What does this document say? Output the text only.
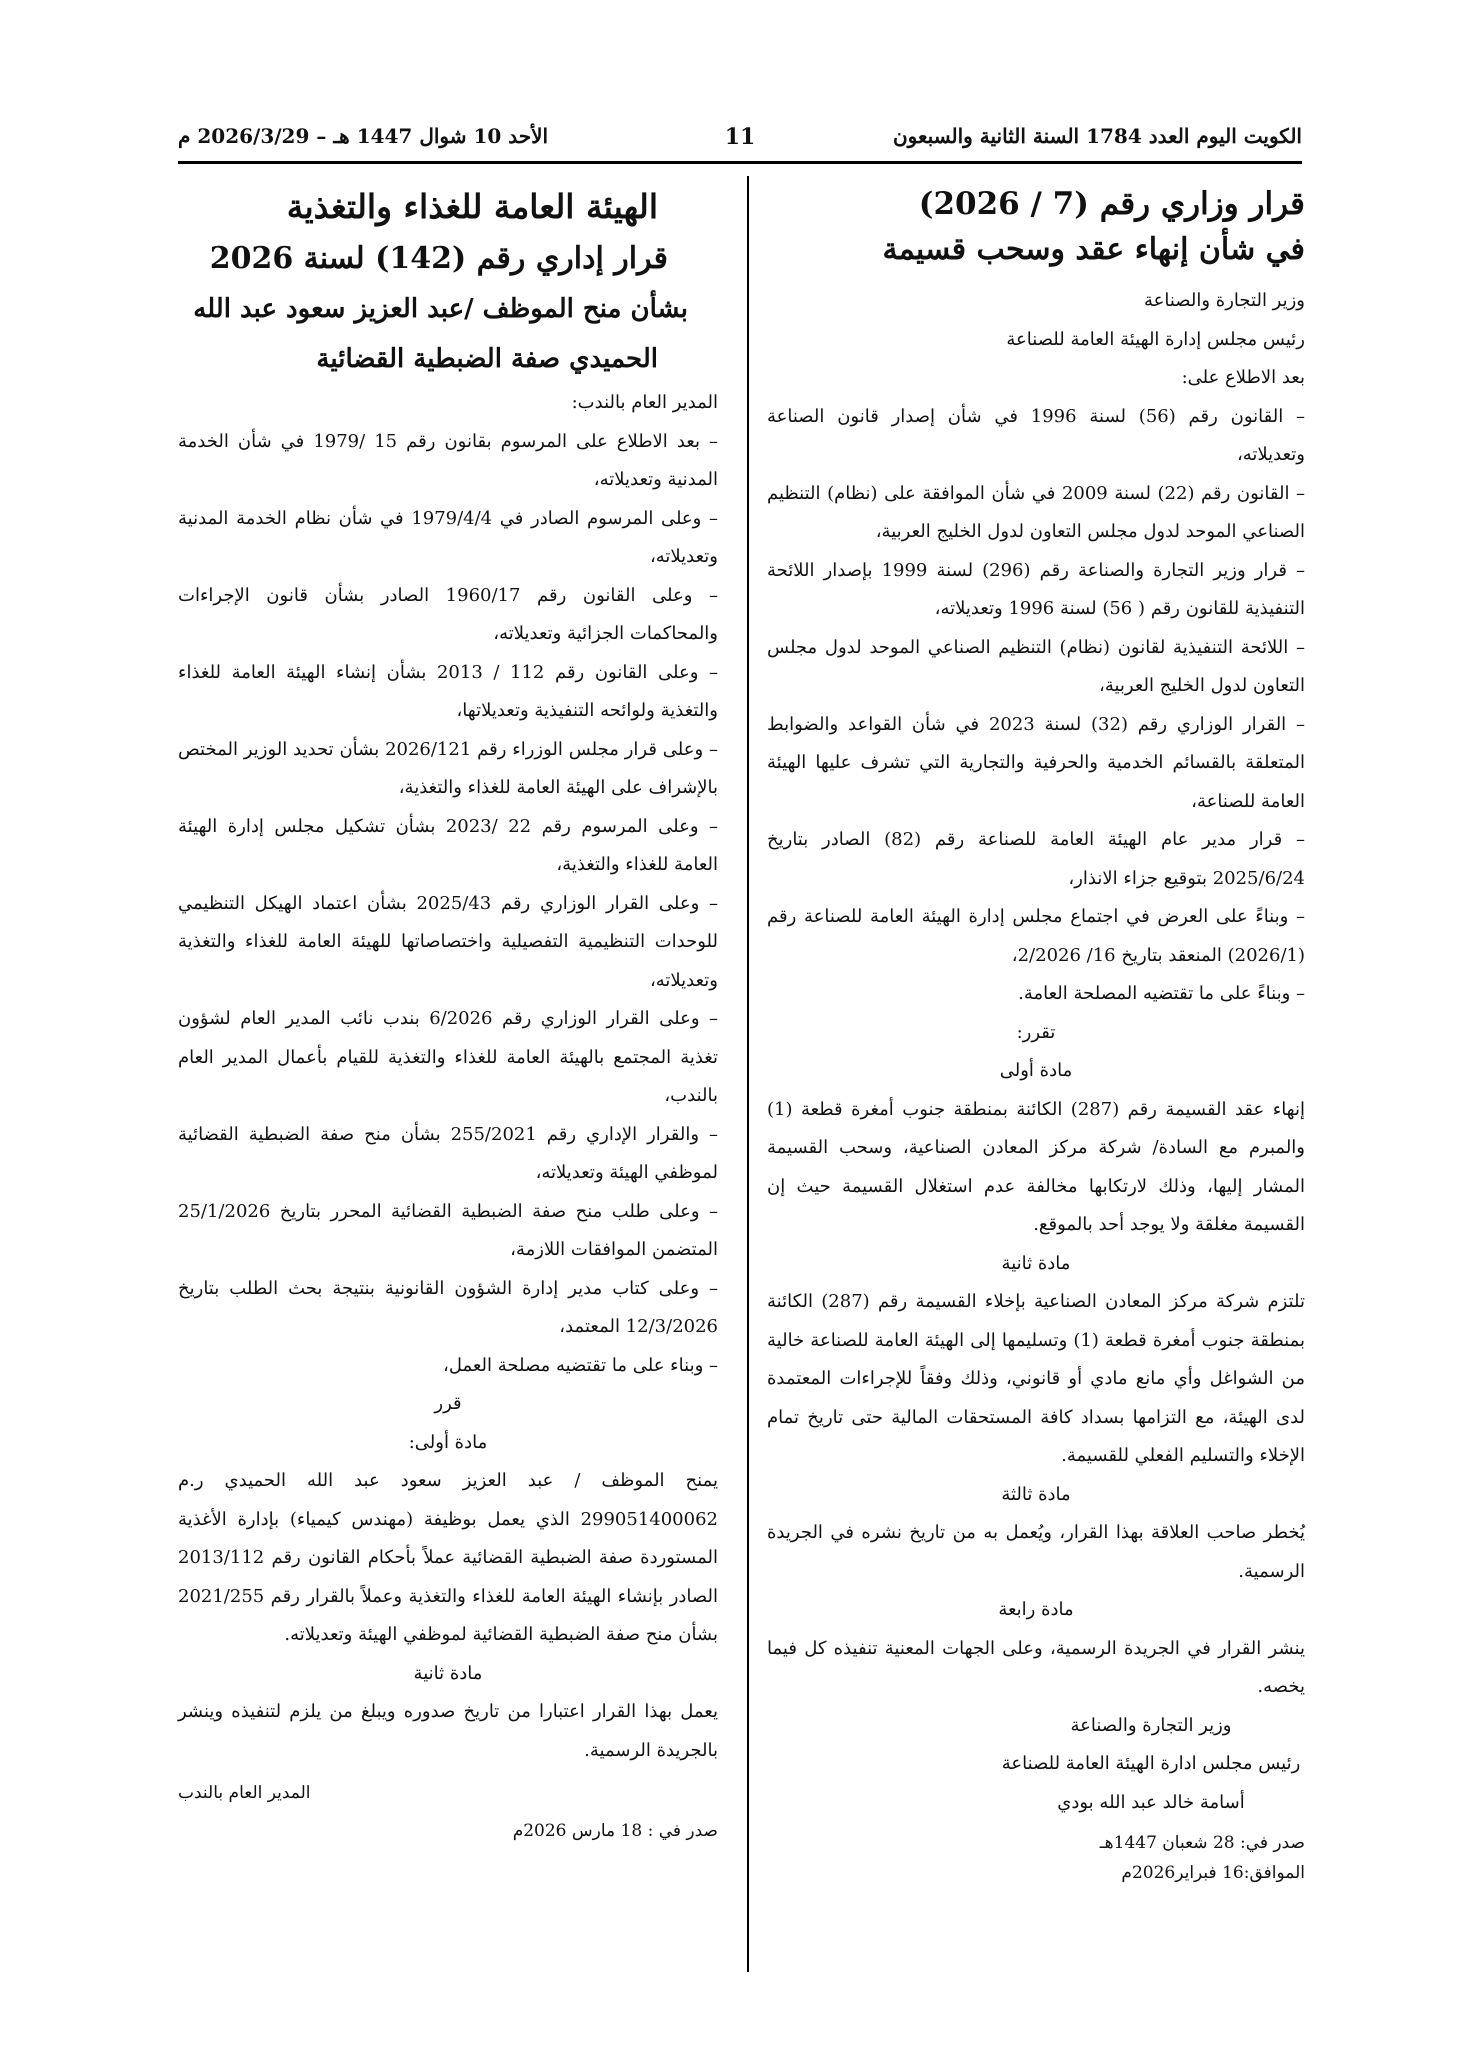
الكويت اليوم العدد 1784 السنة الثانية والسبعون
11
الأحد 10 شوال 1447 هـ – 2026/3/29 م

قرار وزاري رقم (7 / 2026)

في شأن إنهاء عقد وسحب قسيمة

وزير التجارة والصناعة

رئيس مجلس إدارة الهيئة العامة للصناعة

بعد الاطلاع على:

– القانون رقم (56) لسنة 1996 في شأن إصدار قانون الصناعة وتعديلاته،

– القانون رقم (22) لسنة 2009 في شأن الموافقة على (نظام) التنظيم الصناعي الموحد لدول مجلس التعاون لدول الخليج العربية،

– قرار وزير التجارة والصناعة رقم (296) لسنة 1999 بإصدار اللائحة التنفيذية للقانون رقم ( 56) لسنة 1996 وتعديلاته،

– اللائحة التنفيذية لقانون (نظام) التنظيم الصناعي الموحد لدول مجلس التعاون لدول الخليج العربية،

– القرار الوزاري رقم (32) لسنة 2023 في شأن القواعد والضوابط المتعلقة بالقسائم الخدمية والحرفية والتجارية التي تشرف عليها الهيئة العامة للصناعة،

– قرار مدير عام الهيئة العامة للصناعة رقم (82) الصادر بتاريخ 2025/6/24 بتوقيع جزاء الانذار،

– وبناءً على العرض في اجتماع مجلس إدارة الهيئة العامة للصناعة رقم (2026/1) المنعقد بتاريخ 16/ 2/2026،

– وبناءً على ما تقتضيه المصلحة العامة.

تقرر:

مادة أولى

إنهاء عقد القسيمة رقم (287) الكائنة بمنطقة جنوب أمغرة قطعة (1) والمبرم مع السادة/ شركة مركز المعادن الصناعية، وسحب القسيمة المشار إليها، وذلك لارتكابها مخالفة عدم استغلال القسيمة حيث إن القسيمة مغلقة ولا يوجد أحد بالموقع.

مادة ثانية

تلتزم شركة مركز المعادن الصناعية بإخلاء القسيمة رقم (287) الكائنة بمنطقة جنوب أمغرة قطعة (1) وتسليمها إلى الهيئة العامة للصناعة خالية من الشواغل وأي مانع مادي أو قانوني، وذلك وفقاً للإجراءات المعتمدة لدى الهيئة، مع التزامها بسداد كافة المستحقات المالية حتى تاريخ تمام الإخلاء والتسليم الفعلي للقسيمة.

مادة ثالثة

يُخطر صاحب العلاقة بهذا القرار، ويُعمل به من تاريخ نشره في الجريدة الرسمية.

مادة رابعة

ينشر القرار في الجريدة الرسمية، وعلى الجهات المعنية تنفيذه كل فيما يخصه.

وزير التجارة والصناعة

رئيس مجلس ادارة الهيئة العامة للصناعة

أسامة خالد عبد الله بودي

صدر في: 28 شعبان 1447هـ

الموافق:16 فبراير2026م

الهيئة العامة للغذاء والتغذية

قرار إداري رقم (142) لسنة 2026

بشأن منح الموظف /عبد العزيز سعود عبد الله

الحميدي صفة الضبطية القضائية

المدير العام بالندب:

– بعد الاطلاع على المرسوم بقانون رقم 15 /1979 في شأن الخدمة المدنية وتعديلاته،

– وعلى المرسوم الصادر في 1979/4/4 في شأن نظام الخدمة المدنية وتعديلاته،

– وعلى القانون رقم 1960/17 الصادر بشأن قانون الإجراءات والمحاكمات الجزائية وتعديلاته،

– وعلى القانون رقم 112 / 2013 بشأن إنشاء الهيئة العامة للغذاء والتغذية ولوائحه التنفيذية وتعديلاتها،

– وعلى قرار مجلس الوزراء رقم 2026/121 بشأن تحديد الوزير المختص بالإشراف على الهيئة العامة للغذاء والتغذية،

– وعلى المرسوم رقم 22 /2023 بشأن تشكيل مجلس إدارة الهيئة العامة للغذاء والتغذية،

– وعلى القرار الوزاري رقم 2025/43 بشأن اعتماد الهيكل التنظيمي للوحدات التنظيمية التفصيلية واختصاصاتها للهيئة العامة للغذاء والتغذية وتعديلاته،

– وعلى القرار الوزاري رقم 6/2026 بندب نائب المدير العام لشؤون تغذية المجتمع بالهيئة العامة للغذاء والتغذية للقيام بأعمال المدير العام بالندب،

– والقرار الإداري رقم 255/2021 بشأن منح صفة الضبطية القضائية لموظفي الهيئة وتعديلاته،

– وعلى طلب منح صفة الضبطية القضائية المحرر بتاريخ 25/1/2026 المتضمن الموافقات اللازمة،

– وعلى كتاب مدير إدارة الشؤون القانونية بنتيجة بحث الطلب بتاريخ 12/3/2026 المعتمد،

– وبناء على ما تقتضيه مصلحة العمل،

قرر

مادة أولى:

يمنح الموظف / عبد العزيز سعود عبد الله الحميدي ر.م 299051400062 الذي يعمل بوظيفة (مهندس كيمياء) بإدارة الأغذية المستوردة صفة الضبطية القضائية عملاً بأحكام القانون رقم 2013/112 الصادر بإنشاء الهيئة العامة للغذاء والتغذية وعملاً بالقرار رقم 2021/255 بشأن منح صفة الضبطية القضائية لموظفي الهيئة وتعديلاته.

مادة ثانية

يعمل بهذا القرار اعتبارا من تاريخ صدوره ويبلغ من يلزم لتنفيذه وينشر بالجريدة الرسمية.

المدير العام بالندب

صدر في : 18 مارس 2026م
